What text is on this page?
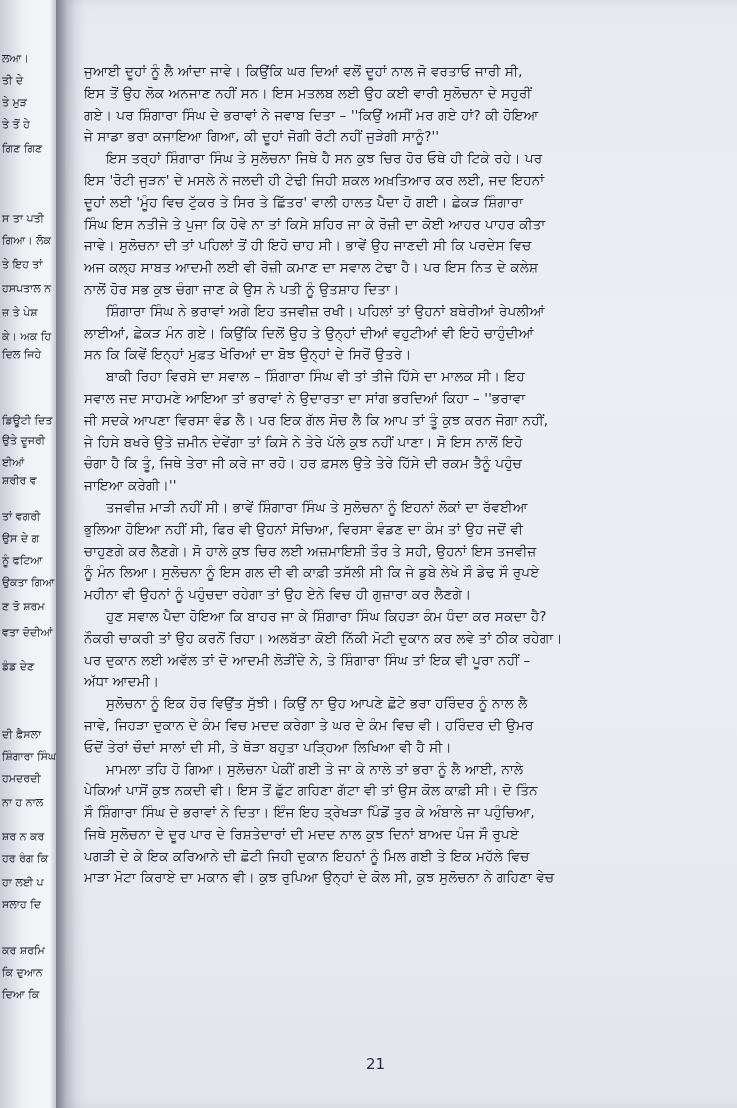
ਲਆ।
ਤੀ ਦੇ
ਤੇ ਮੁੜ
ਤੇ ਤੋਂ ਹੇ
ਗਿਣ ਗਿਣ
ਸ ਤਾ ਪਤੀ
ਗਿਆ। ਲੋਕ
ਤੇ ਇਹ ਤਾਂ
ਹਸਪਤਾਲ ਨ
ਜ਼ ਤੇ ਪੇਸ਼
ਕੇ। ਅਕ ਹਿ
ਦਿਲ ਜਿਹੇ
ਡਿਊਟੀ ਦਿਤ
ਉਤੇ ਦੂਜਰੀ
ਈਆਂ
ਸ਼ਰੀਰ ਵ
ਤਾਂ ਵਗਰੀ
ਉਸ ਦੇ ਗ
ਨੂੰ ਫਟਿਆ
ਉਕਤਾ ਗਿਆ
ਣ ਤੋ ਸ਼ਰਮ
ਵਤਾ ਦੋਦੀਆਂ
ਡੰਡ ਦੇਣ
ਦੀ ਫ਼ੈਸਲਾ
ਸ਼ਿੰਗਾਰਾ ਸਿੰਘ
ਹਮਦਰਦੀ
ਨਾ ਹ ਨਾਲ
ਸ਼ਰ ਨ ਕਰ
ਹਰ ਰੰਗ ਕਿ
ਹਾ ਲਈ ਪ
ਸਲਾਹ ਦਿ
ਕਰ ਸ਼ਰਮਿ
ਕਿ ਦੁਆਨ
ਦਿਆ ਕਿ
ਜੁਆਈ ਦੂਹਾਂ ਨੂੰ ਲੈ ਆਂਦਾ ਜਾਵੇ। ਕਿਉਂਕਿ ਘਰ ਦਿਆਂ ਵਲੋਂ ਦੂਹਾਂ ਨਾਲ ਜੋ ਵਰਤਾਓ ਜਾਰੀ ਸੀ,
ਇਸ ਤੋਂ ਉਹ ਲੋਕ ਅਨਜਾਣ ਨਹੀਂ ਸਨ। ਇਸ ਮਤਲਬ ਲਈ ਉਹ ਕਈ ਵਾਰੀ ਸੁਲੋਚਨਾ ਦੇ ਸਹੁਰੀਂ
ਗਏ। ਪਰ ਸ਼ਿੰਗਾਰਾ ਸਿੰਘ ਦੇ ਭਰਾਵਾਂ ਨੇ ਜਵਾਬ ਦਿਤਾ – ''ਕਿਉਂ ਅਸੀਂ ਮਰ ਗਏ ਹਾਂ? ਕੀ ਹੋਇਆ
ਜੇ ਸਾਡਾ ਭਰਾ ਕਜਾਇਆ ਗਿਆ, ਕੀ ਦੂਹਾਂ ਜੋਗੀ ਰੋਟੀ ਨਹੀਂ ਜੁੜੇਗੀ ਸਾਨੂੰ?''
ਇਸ ਤਰ੍ਹਾਂ ਸ਼ਿੰਗਾਰਾ ਸਿੰਘ ਤੇ ਸੁਲੋਚਨਾ ਜਿਥੇ ਹੈ ਸਨ ਕੁਝ ਚਿਰ ਹੋਰ ਓਥੇ ਹੀ ਟਿਕੇ ਰਹੇ। ਪਰ
ਇਸ 'ਰੋਟੀ ਜੁੜਨ' ਦੇ ਮਸਲੇ ਨੇ ਜਲਦੀ ਹੀ ਟੇਢੀ ਜਿਹੀ ਸ਼ਕਲ ਅਖ਼ਤਿਆਰ ਕਰ ਲਈ, ਜਦ ਇਹਨਾਂ
ਦੂਹਾਂ ਲਈ 'ਮੂੰਹ ਵਿਚ ਟੁੱਕਰ ਤੇ ਸਿਰ ਤੇ ਛਿੱਤਰ' ਵਾਲੀ ਹਾਲਤ ਪੈਦਾ ਹੋ ਗਈ। ਛੇਕੜ ਸ਼ਿੰਗਾਰਾ
ਸਿੰਘ ਇਸ ਨਤੀਜੇ ਤੇ ਪੁਜਾ ਕਿ ਹੋਵੇ ਨਾ ਤਾਂ ਕਿਸੇ ਸ਼ਹਿਰ ਜਾ ਕੇ ਰੋਜ਼ੀ ਦਾ ਕੋਈ ਆਹਰ ਪਾਹਰ ਕੀਤਾ
ਜਾਵੇ। ਸੁਲੋਚਨਾ ਦੀ ਤਾਂ ਪਹਿਲਾਂ ਤੋਂ ਹੀ ਇਹੋ ਚਾਹ ਸੀ। ਭਾਵੇਂ ਉਹ ਜਾਣਦੀ ਸੀ ਕਿ ਪਰਦੇਸ ਵਿਚ
ਅਜ ਕਲ੍ਹ ਸਾਬਤ ਆਦਮੀ ਲਈ ਵੀ ਰੋਜ਼ੀ ਕਮਾਣ ਦਾ ਸਵਾਲ ਟੇਢਾ ਹੈ। ਪਰ ਇਸ ਨਿਤ ਦੇ ਕਲੇਸ਼
ਨਾਲੋਂ ਹੋਰ ਸਭ ਕੁਝ ਚੰਗਾ ਜਾਣ ਕੇ ਉਸ ਨੇ ਪਤੀ ਨੂੰ ਉਤਸ਼ਾਹ ਦਿਤਾ।
ਸ਼ਿੰਗਾਰਾ ਸਿੰਘ ਨੇ ਭਰਾਵਾਂ ਅਗੇ ਇਹ ਤਜਵੀਜ਼ ਰਖੀ। ਪਹਿਲਾਂ ਤਾਂ ਉਹਨਾਂ ਬਥੇਰੀਆਂ ਰੇਪਲੀਆਂ
ਲਾਈਆਂ, ਛੇਕੜ ਮੰਨ ਗਏ। ਕਿਉਂਕਿ ਦਿਲੋਂ ਉਹ ਤੇ ਉਨ੍ਹਾਂ ਦੀਆਂ ਵਹੁਟੀਆਂ ਵੀ ਇਹੋ ਚਾਹੁੰਦੀਆਂ
ਸਨ ਕਿ ਕਿਵੇਂ ਇਨ੍ਹਾਂ ਮੁਫ਼ਤ ਖੋਰਿਆਂ ਦਾ ਬੋਝ ਉਨ੍ਹਾਂ ਦੇ ਸਿਰੋਂ ਉਤਰੇ।
ਬਾਕੀ ਰਿਹਾ ਵਿਰਸੇ ਦਾ ਸਵਾਲ – ਸ਼ਿੰਗਾਰਾ ਸਿੰਘ ਵੀ ਤਾਂ ਤੀਜੇ ਹਿੱਸੇ ਦਾ ਮਾਲਕ ਸੀ। ਇਹ
ਸਵਾਲ ਜਦ ਸਾਹਮਣੇ ਆਇਆ ਤਾਂ ਭਰਾਵਾਂ ਨੇ ਉਦਾਰਤਾ ਦਾ ਸਾਂਗ ਭਰਦਿਆਂ ਕਿਹਾ – ''ਭਰਾਵਾ
ਜੀ ਸਦਕੇ ਆਪਣਾ ਵਿਰਸਾ ਵੰਡ ਲੈ। ਪਰ ਇਕ ਗੱਲ ਸੋਚ ਲੈ ਕਿ ਆਪ ਤਾਂ ਤੂੰ ਕੁਝ ਕਰਨ ਜੋਗਾ ਨਹੀਂ,
ਜੇ ਹਿਸੇ ਬਖਰੇ ਉਤੇ ਜ਼ਮੀਨ ਦੇਵੇਂਗਾ ਤਾਂ ਕਿਸੇ ਨੇ ਤੇਰੇ ਪੱਲੇ ਕੁਝ ਨਹੀਂ ਪਾਣਾ। ਸੋ ਇਸ ਨਾਲੋਂ ਇਹੋ
ਚੰਗਾ ਹੈ ਕਿ ਤੂੰ, ਜਿਥੇ ਤੇਰਾ ਜੀ ਕਰੇ ਜਾ ਰਹੋ। ਹਰ ਫ਼ਸਲ ਉਤੇ ਤੇਰੇ ਹਿੱਸੇ ਦੀ ਰਕਮ ਤੈਨੂੰ ਪਹੁੰਚ
ਜਾਇਆ ਕਰੇਗੀ।''
ਤਜਵੀਜ਼ ਮਾੜੀ ਨਹੀਂ ਸੀ। ਭਾਵੇਂ ਸ਼ਿੰਗਾਰਾ ਸਿੰਘ ਤੇ ਸੁਲੋਚਨਾ ਨੂੰ ਇਹਨਾਂ ਲੋਕਾਂ ਦਾ ਰੱਵਈਆ
ਭੁਲਿਆ ਹੋਇਆ ਨਹੀਂ ਸੀ, ਫਿਰ ਵੀ ਉਹਨਾਂ ਸੋਚਿਆ, ਵਿਰਸਾ ਵੰਡਣ ਦਾ ਕੰਮ ਤਾਂ ਉਹ ਜਦੋਂ ਵੀ
ਚਾਹੁਣਗੇ ਕਰ ਲੈਣਗੇ। ਸੋ ਹਾਲੇ ਕੁਝ ਚਿਰ ਲਈ ਅਜ਼ਮਾਇਸ਼ੀ ਤੌਰ ਤੇ ਸਹੀ, ਉਹਨਾਂ ਇਸ ਤਜਵੀਜ਼
ਨੂੰ ਮੰਨ ਲਿਆ। ਸੁਲੋਚਨਾ ਨੂੰ ਇਸ ਗਲ ਦੀ ਵੀ ਕਾਫ਼ੀ ਤਸੱਲੀ ਸੀ ਕਿ ਜੇ ਡੁਬੇ ਲੇਖੇ ਸੌ ਡੇਢ ਸੌ ਰੁਪਏ
ਮਹੀਨਾ ਵੀ ਉਹਨਾਂ ਨੂੰ ਪਹੁੰਚਦਾ ਰਹੇਗਾ ਤਾਂ ਉਹ ਏਨੇ ਵਿਚ ਹੀ ਗੁਜ਼ਾਰਾ ਕਰ ਲੈਣਗੇ।
ਹੁਣ ਸਵਾਲ ਪੈਦਾ ਹੋਇਆ ਕਿ ਬਾਹਰ ਜਾ ਕੇ ਸ਼ਿੰਗਾਰਾ ਸਿੰਘ ਕਿਹੜਾ ਕੰਮ ਧੰਦਾ ਕਰ ਸਕਦਾ ਹੈ?
ਨੌਕਰੀ ਚਾਕਰੀ ਤਾਂ ਉਹ ਕਰਨੋਂ ਰਿਹਾ। ਅਲਬੱਤਾ ਕੋਈ ਨਿੱਕੀ ਮੋਟੀ ਦੁਕਾਨ ਕਰ ਲਵੇ ਤਾਂ ਠੀਕ ਰਹੇਗਾ।
ਪਰ ਦੁਕਾਨ ਲਈ ਅਵੱਲ ਤਾਂ ਦੋ ਆਦਮੀ ਲੋੜੀਂਦੇ ਨੇ, ਤੇ ਸ਼ਿੰਗਾਰਾ ਸਿੰਘ ਤਾਂ ਇਕ ਵੀ ਪੂਰਾ ਨਹੀਂ –
ਅੱਧਾ ਆਦਮੀ।
ਸੁਲੋਚਨਾ ਨੂੰ ਇਕ ਹੋਰ ਵਿਉਂਤ ਸੁੱਝੀ। ਕਿਉਂ ਨਾ ਉਹ ਆਪਣੇ ਛੋਟੇ ਭਰਾ ਹਰਿੰਦਰ ਨੂੰ ਨਾਲ ਲੈ
ਜਾਵੇ, ਜਿਹੜਾ ਦੁਕਾਨ ਦੇ ਕੰਮ ਵਿਚ ਮਦਦ ਕਰੇਗਾ ਤੇ ਘਰ ਦੇ ਕੰਮ ਵਿਚ ਵੀ। ਹਰਿੰਦਰ ਦੀ ਉਮਰ
ਓਦੋਂ ਤੇਰਾਂ ਚੌਦਾਂ ਸਾਲਾਂ ਦੀ ਸੀ, ਤੇ ਥੋੜਾ ਬਹੁਤਾ ਪੜ੍ਹਿਆ ਲਿਖਿਆ ਵੀ ਹੈ ਸੀ।
ਮਾਮਲਾ ਤਹਿ ਹੋ ਗਿਆ। ਸੁਲੋਚਨਾ ਪੇਕੀਂ ਗਈ ਤੇ ਜਾ ਕੇ ਨਾਲੇ ਤਾਂ ਭਰਾ ਨੂੰ ਲੈ ਆਈ, ਨਾਲੇ
ਪੇਕਿਆਂ ਪਾਸੋਂ ਕੁਝ ਨਕਦੀ ਵੀ। ਇਸ ਤੋਂ ਛੁੱਟ ਗਹਿਣਾ ਗੱਟਾ ਵੀ ਤਾਂ ਉਸ ਕੋਲ ਕਾਫ਼ੀ ਸੀ। ਦੋ ਤਿੰਨ
ਸੌ ਸ਼ਿੰਗਾਰਾ ਸਿੰਘ ਦੇ ਭਰਾਵਾਂ ਨੇ ਦਿਤਾ। ਇੰਜ ਇਹ ਤ੍ਰੇਖੜਾ ਪਿੰਡੋਂ ਤੁਰ ਕੇ ਅੰਬਾਲੇ ਜਾ ਪਹੁੰਚਿਆ,
ਜਿਥੇ ਸੁਲੋਚਨਾ ਦੇ ਦੂਰ ਪਾਰ ਦੇ ਰਿਸ਼ਤੇਦਾਰਾਂ ਦੀ ਮਦਦ ਨਾਲ ਕੁਝ ਦਿਨਾਂ ਬਾਅਦ ਪੰਜ ਸੌ ਰੁਪਏ
ਪਗੜੀ ਦੇ ਕੇ ਇਕ ਕਰਿਆਨੇ ਦੀ ਛੋਟੀ ਜਿਹੀ ਦੁਕਾਨ ਇਹਨਾਂ ਨੂੰ ਮਿਲ ਗਈ ਤੇ ਇਕ ਮਹੱਲੇ ਵਿਚ
ਮਾੜਾ ਮੋਟਾ ਕਿਰਾਏ ਦਾ ਮਕਾਨ ਵੀ। ਕੁਝ ਰੁਪਿਆ ਉਨ੍ਹਾਂ ਦੇ ਕੋਲ ਸੀ, ਕੁਝ ਸੁਲੋਚਨਾ ਨੇ ਗਹਿਣਾ ਵੇਚ
21
